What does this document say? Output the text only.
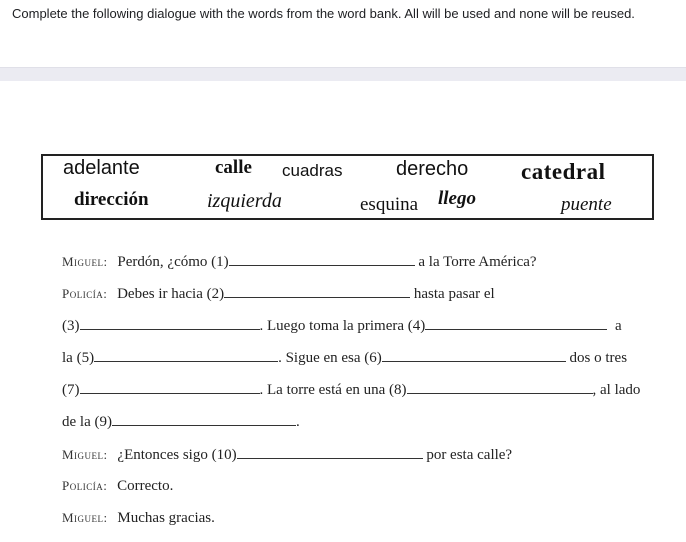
Complete the following dialogue with the words from the word bank. All will be used and none will be reused.

adelante	calle cuadras	derecho catedral
dirección	izquierda	esquina llego	puente
Miguel: Perdón, ¿cómo (1)	a la Torre América?
Policía: Debes ir hacia (2)	hasta pasar el
(3)	. Luego toma la primera (4)	a
la (5)	. Sigue en esa (6)	dos o tres
(7)	. La torre está en una (8)	, al lado
de la (9)	.
Miguel: ¿Entonces sigo (10)	por esta calle?
Policía: Correcto.
Miguel: Muchas gracias.
